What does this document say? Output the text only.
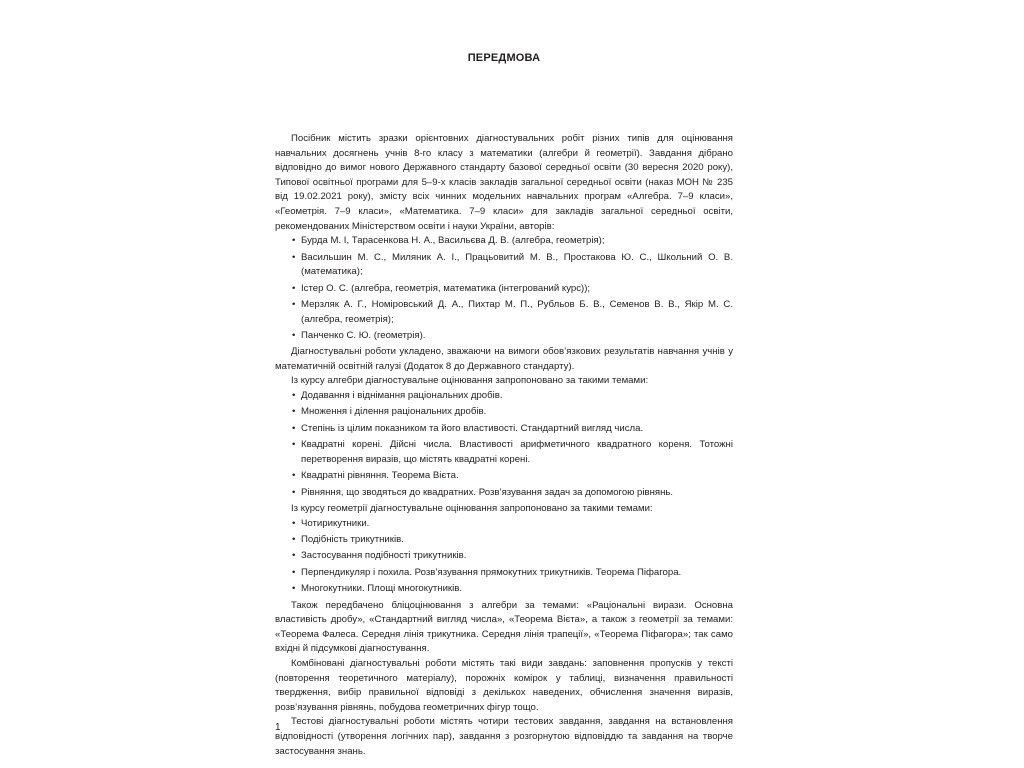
ПЕРЕДМОВА

Посібник містить зразки орієнтовних діагностувальних робіт різних типів для оцінювання навчальних досягнень учнів 8-го класу з математики (алгебри й геометрії). Завдання дібрано відповідно до вимог нового Державного стандарту базової середньої освіти (30 вересня 2020 року), Типової освітньої програми для 5–9-х класів закладів загальної середньої освіти (наказ МОН № 235 від 19.02.2021 року), змісту всіх чинних модельних навчальних програм «Алгебра. 7–9 класи», «Геометрія. 7–9 класи», «Математика. 7–9 класи» для закладів загальної середньої освіти, рекомендованих Міністерством освіти і науки України, авторів:

• Бурда М. І, Тарасенкова Н. А., Васильєва Д. В. (алгебра, геометрія);
• Васильшин М. С., Миляник А. І., Працьовитий М. В., Простакова Ю. С., Школьний О. В. (математика);
• Істер О. С. (алгебра, геометрія, математика (інтегрований курс));
• Мерзляк А. Г., Номіровський Д. А., Пихтар М. П., Рубльов Б. В., Семенов В. В., Якір М. С. (алгебра, геометрія);
• Панченко С. Ю. (геометрія).

Діагностувальні роботи укладено, зважаючи на вимоги обов’язкових результатів навчання учнів у математичній освітній галузі (Додаток 8 до Державного стандарту).

Із курсу алгебри діагностувальне оцінювання запропоновано за такими темами:

• Додавання і віднімання раціональних дробів.
• Множення і ділення раціональних дробів.
• Степінь із цілим показником та його властивості. Стандартний вигляд числа.
• Квадратні корені. Дійсні числа. Властивості арифметичного квадратного кореня. Тотожні перетворення виразів, що містять квадратні корені.
• Квадратні рівняння. Теорема Вієта.
• Рівняння, що зводяться до квадратних. Розв’язування задач за допомогою рівнянь.

Із курсу геометрії діагностувальне оцінювання запропоновано за такими темами:

• Чотирикутники.
• Подібність трикутників.
• Застосування подібності трикутників.
• Перпендикуляр і похила. Розв’язування прямокутних трикутників. Теорема Піфагора.
• Многокутники. Площі многокутників.

Також передбачено бліцоцінювання з алгебри за темами: «Раціональні вирази. Основна властивість дробу», «Стандартний вигляд числа», «Теорема Вієта», а також з геометрії за темами: «Теорема Фалеса. Середня лінія трикутника. Середня лінія трапеції», «Теорема Піфагора»; так само вхідні й підсумкові діагностування.

Комбіновані діагностувальні роботи містять такі види завдань: заповнення пропусків у тексті (повторення теоретичного матеріалу), порожніх комірок у таблиці, визначення правильності твердження, вибір правильної відповіді з декількох наведених, обчислення значення виразів, розв’язування рівнянь, побудова геометричних фігур тощо.

Тестові діагностувальні роботи містять чотири тестових завдання, завдання на встановлення відповідності (утворення логічних пар), завдання з розгорнутою відповіддю та завдання на творче застосування знань.

1
